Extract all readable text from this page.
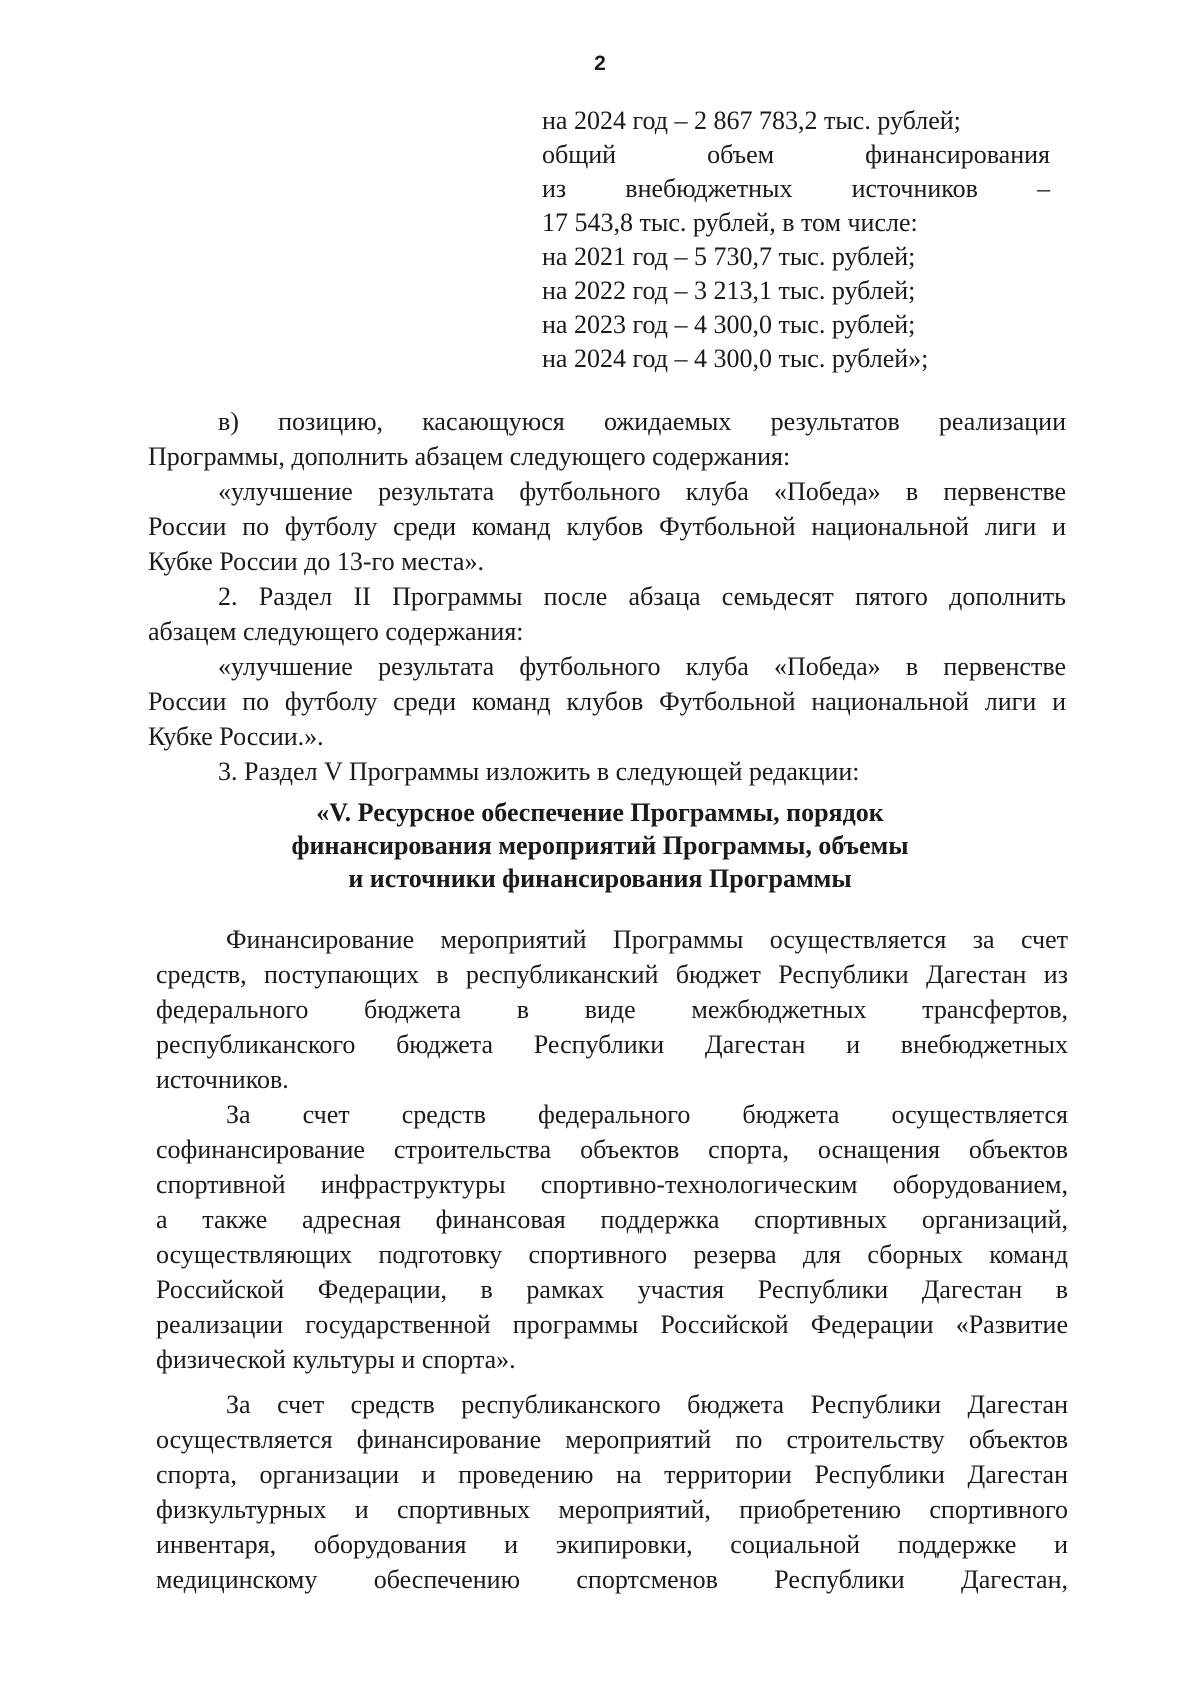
2
на 2024 год – 2 867 783,2 тыс. рублей;
общий объем финансирования
из внебюджетных источников –
17 543,8 тыс. рублей, в том числе:
на 2021 год – 5 730,7 тыс. рублей;
на 2022 год – 3 213,1 тыс. рублей;
на 2023 год – 4 300,0 тыс. рублей;
на 2024 год – 4 300,0 тыс. рублей»;
в) позицию, касающуюся ожидаемых результатов реализации
Программы, дополнить абзацем следующего содержания:
«улучшение результата футбольного клуба «Победа» в первенстве
России по футболу среди команд клубов Футбольной национальной лиги и
Кубке России до 13-го места».
2. Раздел II Программы после абзаца семьдесят пятого дополнить
абзацем следующего содержания:
«улучшение результата футбольного клуба «Победа» в первенстве
России по футболу среди команд клубов Футбольной национальной лиги и
Кубке России.».
3. Раздел V Программы изложить в следующей редакции:
«V. Ресурсное обеспечение Программы, порядок
финансирования мероприятий Программы, объемы
и источники финансирования Программы
Финансирование мероприятий Программы осуществляется за счет
средств, поступающих в республиканский бюджет Республики Дагестан из
федерального бюджета в виде межбюджетных трансфертов,
республиканского бюджета Республики Дагестан и внебюджетных
источников.
За счет средств федерального бюджета осуществляется
софинансирование строительства объектов спорта, оснащения объектов
спортивной инфраструктуры спортивно-технологическим оборудованием,
а также адресная финансовая поддержка спортивных организаций,
осуществляющих подготовку спортивного резерва для сборных команд
Российской Федерации, в рамках участия Республики Дагестан в
реализации государственной программы Российской Федерации «Развитие
физической культуры и спорта».
За счет средств республиканского бюджета Республики Дагестан
осуществляется финансирование мероприятий по строительству объектов
спорта, организации и проведению на территории Республики Дагестан
физкультурных и спортивных мероприятий, приобретению спортивного
инвентаря, оборудования и экипировки, социальной поддержке и
медицинскому обеспечению спортсменов Республики Дагестан,
